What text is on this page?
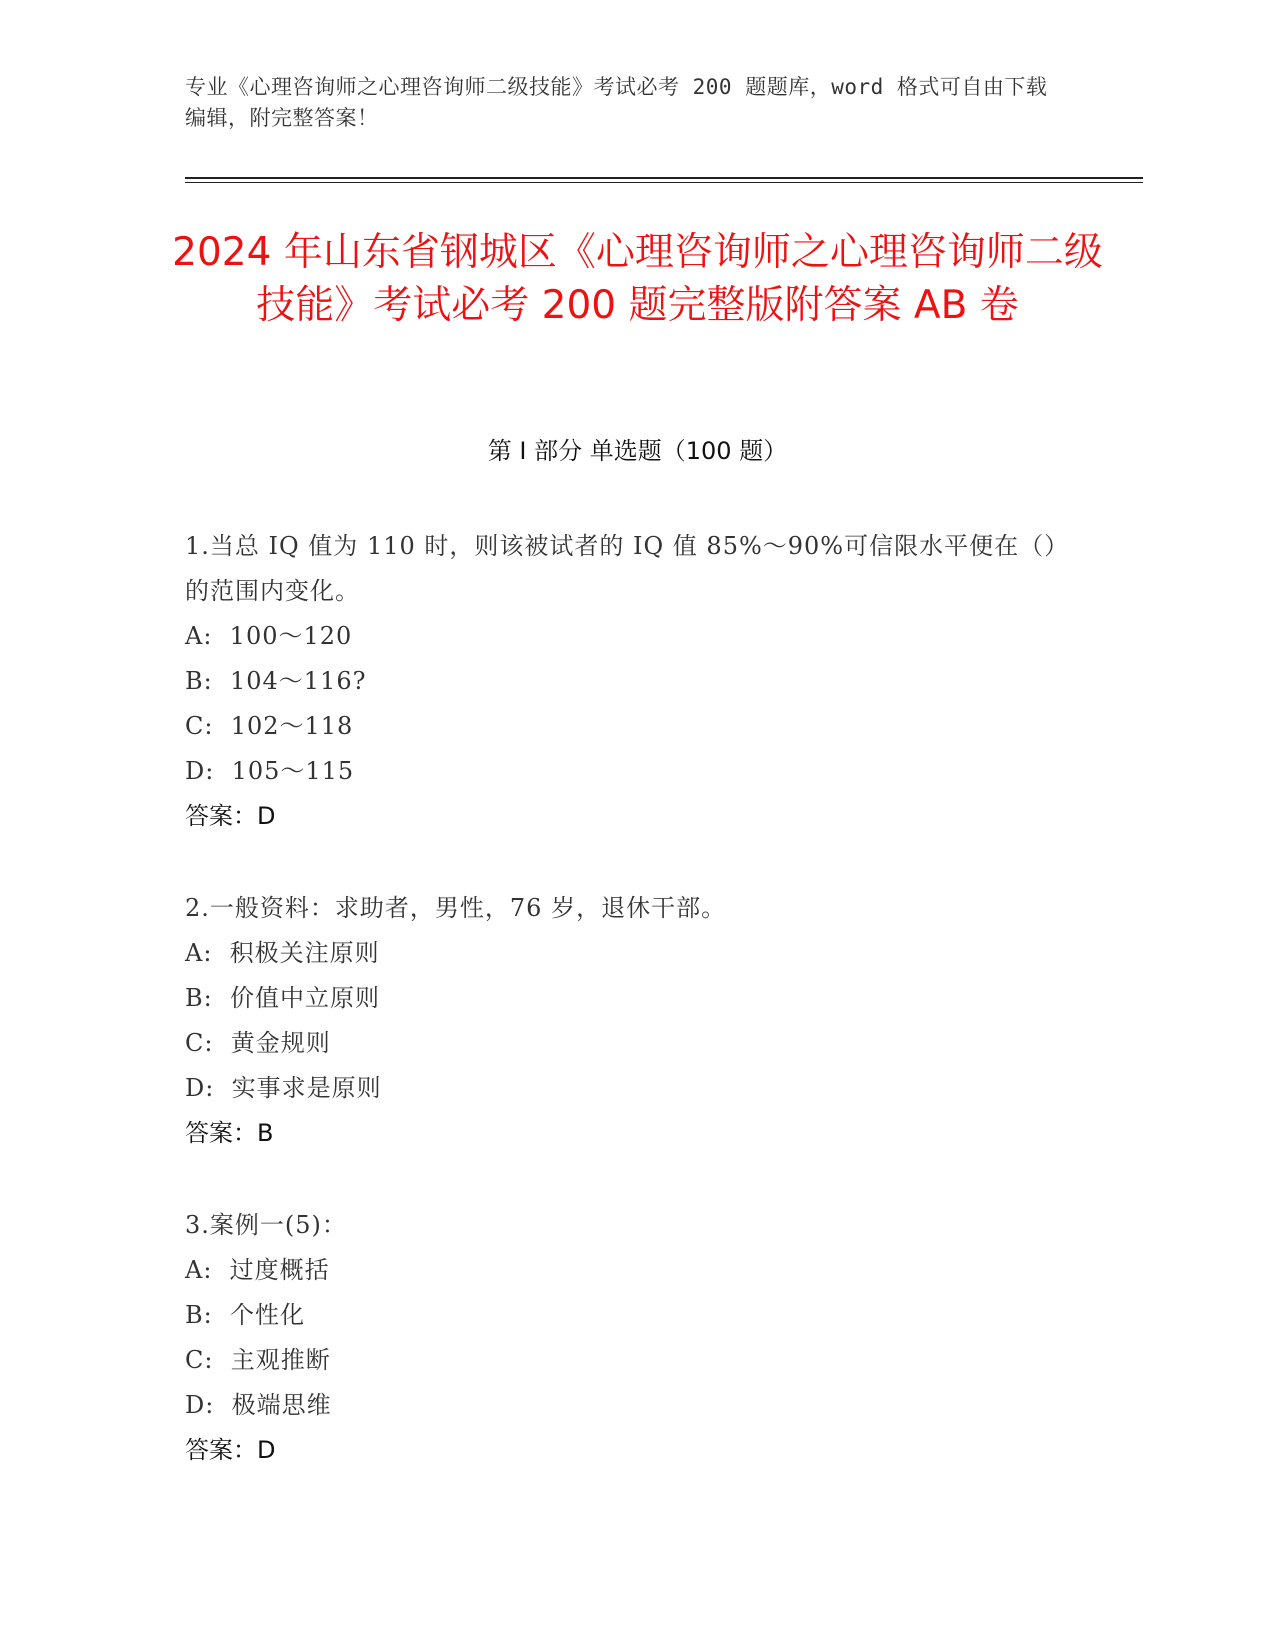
专业《心理咨询师之心理咨询师二级技能》考试必考 200 题题库，word 格式可自由下载编辑，附完整答案！
2024 年山东省钢城区《心理咨询师之心理咨询师二级技能》考试必考 200 题完整版附答案 AB 卷
第 I 部分 单选题（100 题）
1.当总 IQ 值为 110 时，则该被试者的 IQ 值 85%～90%可信限水平便在（）的范围内变化。
A:  100～120
B:  104～116?
C:  102～118
D:  105～115
答案：D
2.一般资料：求助者，男性，76 岁，退休干部。
A:  积极关注原则
B:  价值中立原则
C:  黄金规则
D:  实事求是原则
答案：B
3.案例一(5)：
A:  过度概括
B:  个性化
C:  主观推断
D:  极端思维
答案：D
